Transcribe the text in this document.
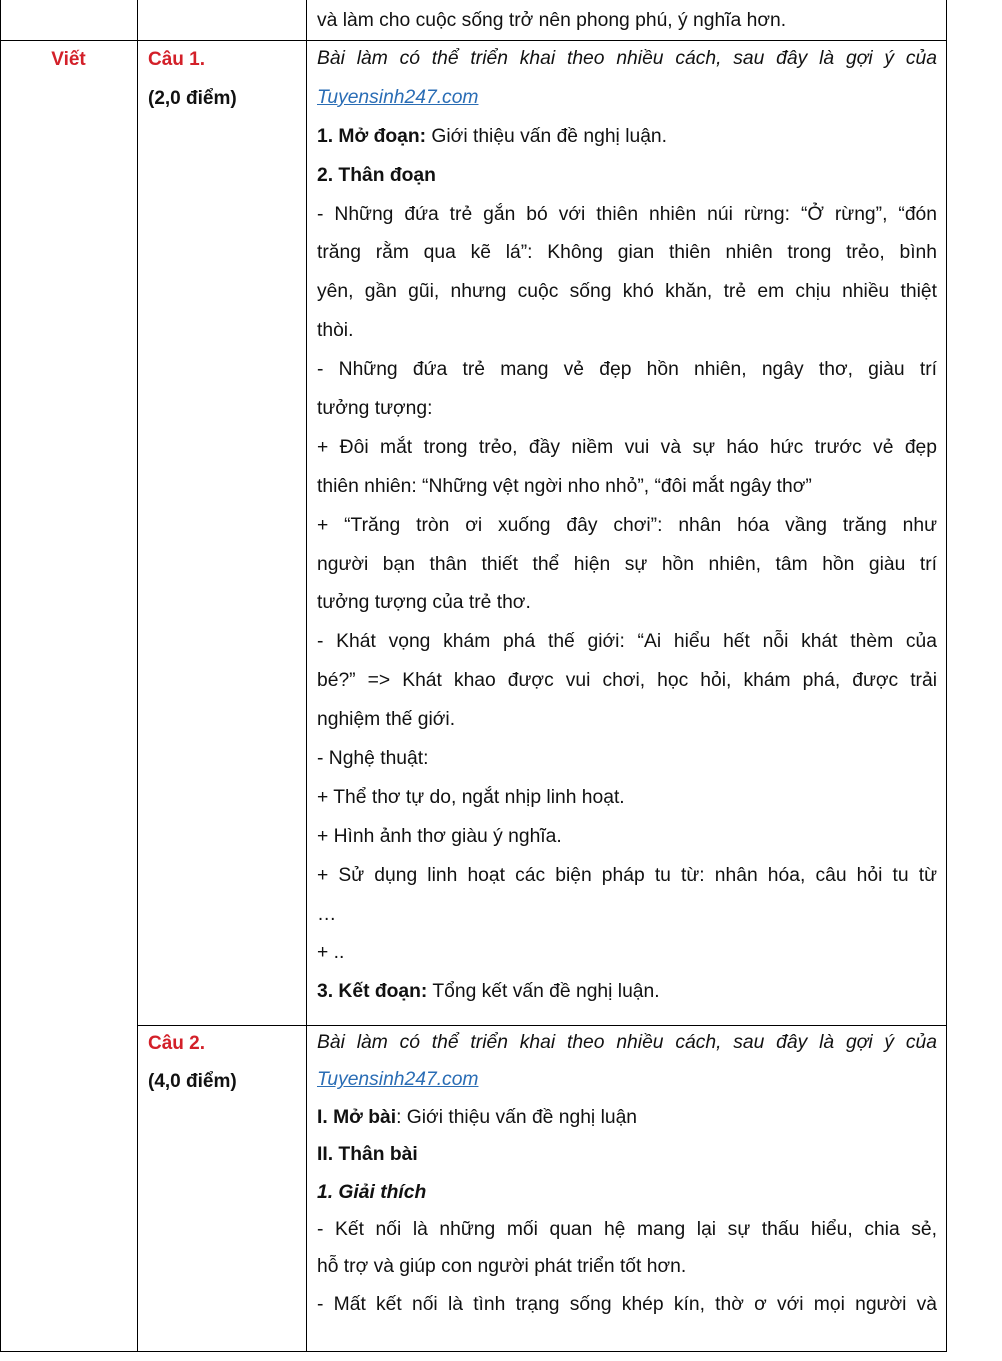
và làm cho cuộc sống trở nên phong phú, ý nghĩa hơn.
Viết	Câu 1.
(2,0 điểm)
Bài làm có thể triển khai theo nhiều cách, sau đây là gợi ý của
Tuyensinh247.com
1. Mở đoạn: Giới thiệu vấn đề nghị luận.
2. Thân đoạn
- Những đứa trẻ gắn bó với thiên nhiên núi rừng: “Ở rừng”, “đón
trăng rằm qua kẽ lá”: Không gian thiên nhiên trong trẻo, bình
yên, gần gũi, nhưng cuộc sống khó khăn, trẻ em chịu nhiều thiệt
thòi.
- Những đứa trẻ mang vẻ đẹp hồn nhiên, ngây thơ, giàu trí
tưởng tượng:
+ Đôi mắt trong trẻo, đầy niềm vui và sự háo hức trước vẻ đẹp
thiên nhiên: “Những vệt ngời nho nhỏ”, “đôi mắt ngây thơ”
+ “Trăng tròn ơi xuống đây chơi”: nhân hóa vầng trăng như
người bạn thân thiết thể hiện sự hồn nhiên, tâm hồn giàu trí
tưởng tượng của trẻ thơ.
- Khát vọng khám phá thế giới: “Ai hiểu hết nỗi khát thèm của
bé?” => Khát khao được vui chơi, học hỏi, khám phá, được trải
nghiệm thế giới.
- Nghệ thuật:
+ Thể thơ tự do, ngắt nhịp linh hoạt.
+ Hình ảnh thơ giàu ý nghĩa.
+ Sử dụng linh hoạt các biện pháp tu từ: nhân hóa, câu hỏi tu từ
…
+ ..
3. Kết đoạn: Tổng kết vấn đề nghị luận.
Câu 2.
(4,0 điểm)
Bài làm có thể triển khai theo nhiều cách, sau đây là gợi ý của
Tuyensinh247.com
I. Mở bài: Giới thiệu vấn đề nghị luận
II. Thân bài
1. Giải thích
- Kết nối là những mối quan hệ mang lại sự thấu hiểu, chia sẻ,
hỗ trợ và giúp con người phát triển tốt hơn.
- Mất kết nối là tình trạng sống khép kín, thờ ơ với mọi người và
